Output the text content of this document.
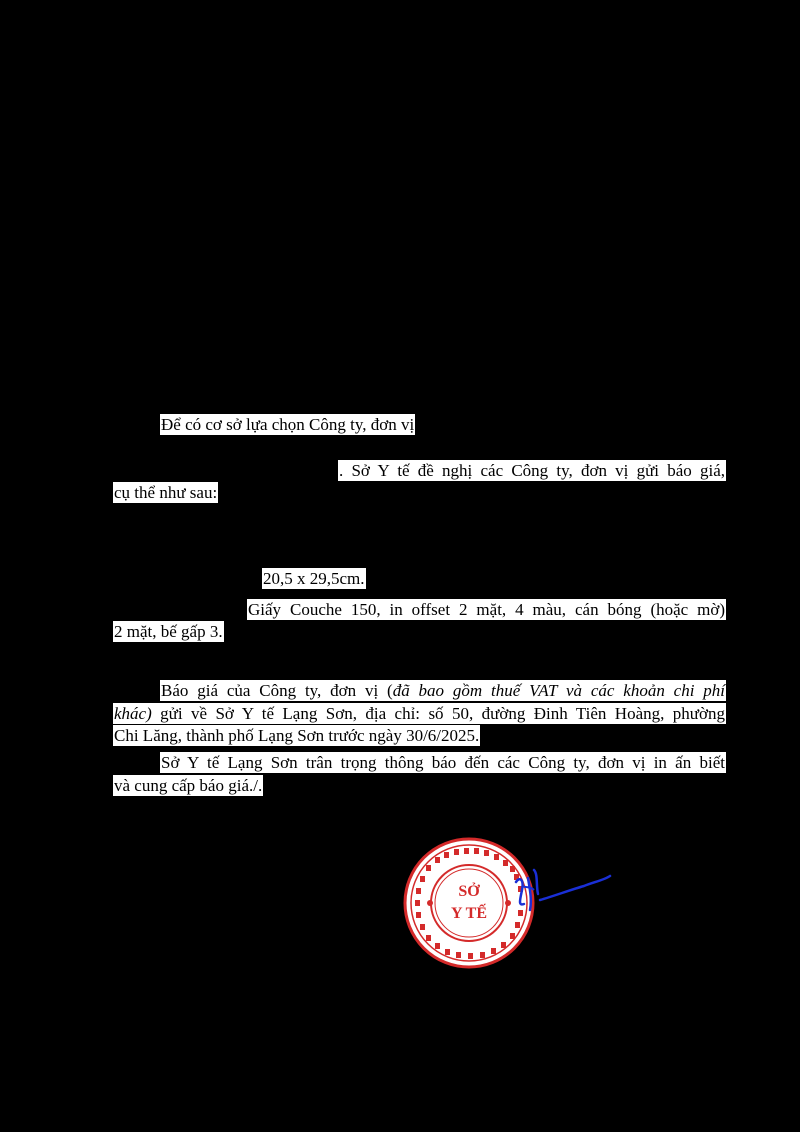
Để có cơ sở lựa chọn Công ty, đơn vị
. Sở Y tế đề nghị các Công ty, đơn vị gửi báo giá,
cụ thể như sau:
20,5 x 29,5cm.
Giấy Couche 150, in offset 2 mặt, 4 màu, cán bóng (hoặc mờ)
2 mặt, bế gấp 3.
Báo giá của Công ty, đơn vị (đã bao gồm thuế VAT và các khoản chi phí
khác) gửi về Sở Y tế Lạng Sơn, địa chỉ: số 50, đường Đinh Tiên Hoàng, phường
Chi Lăng, thành phố Lạng Sơn trước ngày 30/6/2025.
Sở Y tế Lạng Sơn trân trọng thông báo đến các Công ty, đơn vị in ấn biết
và cung cấp báo giá./.
SỞ
Y TẾ
